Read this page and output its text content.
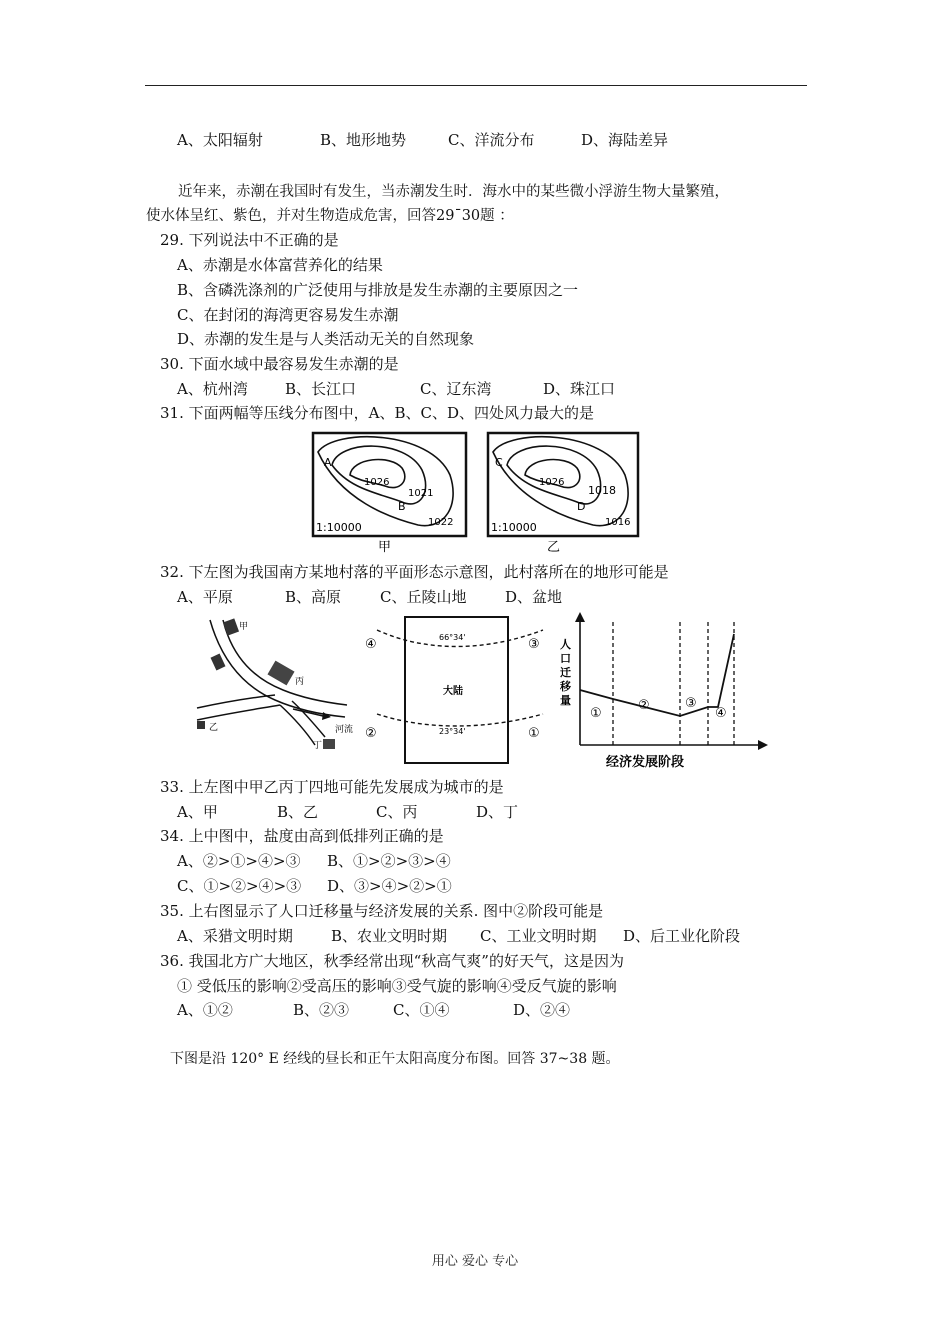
A、太阳辐射	B、地形地势	C、洋流分布	D、海陆差异
近年来，赤潮在我国时有发生，当赤潮发生时．海水中的某些微小浮游生物大量繁殖，
使水体呈红、紫色，并对生物造成危害，回答29¯30题 ：
29. 下列说法中不正确的是
A、赤潮是水体富营养化的结果
B、含磷洗涤剂的广泛使用与排放是发生赤潮的主要原因之一
C、在封闭的海湾更容易发生赤潮
D、赤潮的发生是与人类活动无关的自然现象
30. 下面水域中最容易发生赤潮的是
A、杭州湾 B、长江口	C、辽东湾	D、珠江口
31. 下面两幅等压线分布图中，A、B、C、D、四处风力最大的是
A
1026
1021
B
1022
1:10000
甲
C
1026
1018
D
1016
1:10000
乙
32. 下左图为我国南方某地村落的平面形态示意图，此村落所在的地形可能是
A、平原	B、高原	C、丘陵山地	D、盆地
甲
丙
乙
丁
河流
④	③
②	①
66°34'
大陆
23°34'
人口迁移量
①
②	③
④
经济发展阶段
33. 上左图中甲乙丙丁四地可能先发展成为城市的是
A、甲	B、乙	C、丙	D、丁
34. 上中图中，盐度由高到低排列正确的是
A、②>①>④>③ B、①>②>③>④
C、①>②>④>③ D、③>④>②>①
35. 上右图显示了人口迁移量与经济发展的关系. 图中②阶段可能是
A、采猎文明时期	B、农业文明时期 C、工业文明时期 D、后工业化阶段
36. 我国北方广大地区，秋季经常出现“秋高气爽”的好天气，这是因为
① 受低压的影响②受高压的影响③受气旋的影响④受反气旋的影响
A、①②	B、②③	C、①④	D、②④
下图是沿 120° E 经线的昼长和正午太阳高度分布图。回答 37~38 题。
用心 爱心 专心
